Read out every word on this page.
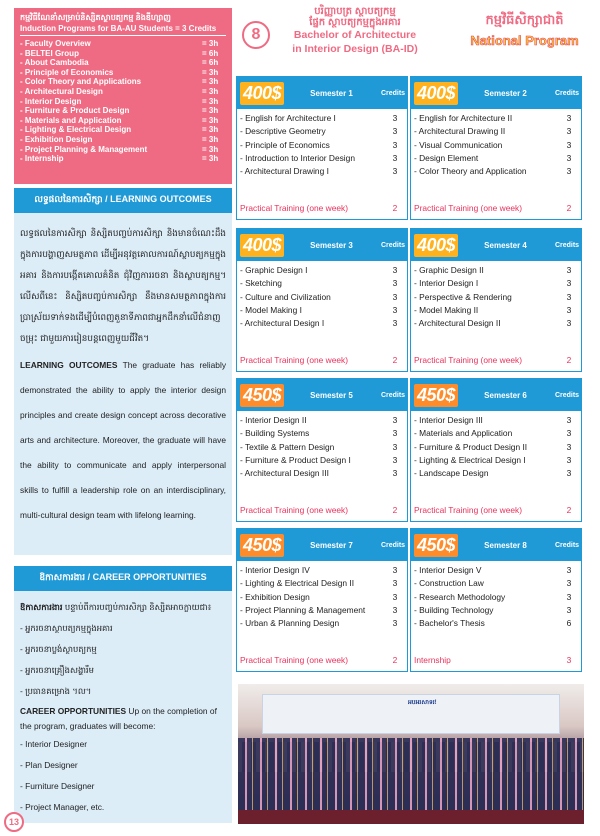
កម្មវិធីណែនាំសម្រាប់និស្សិតស្ថាបត្យកម្ម និងឌីហ្សាញ
Induction Programs for BA-AU Students = 3 Credits
- Faculty Overview	= 3h
- BELTEI Group	= 6h
- About Cambodia	= 6h
- Principle of Economics	= 3h
- Color Theory and Applications	= 3h
- Architectural Design	= 3h
- Interior Design	= 3h
- Furniture & Product Design	= 3h
- Materials and Application	= 3h
- Lighting & Electrical Design	= 3h
- Exhibition Design	= 3h
- Project Planning & Management	= 3h
- Internship	= 3h
8
បរិញ្ញាបត្រ ស្ថាបត្យកម្ម
ផ្នែក ស្ថាបត្យកម្មក្នុងអគារ
Bachelor of Architecture
in Interior Design (BA-ID)
កម្មវិធីសិក្សាជាតិ
National Program
លទ្ធផលនៃការសិក្សា / LEARNING OUTCOMES
លទ្ធផលនៃការសិក្សា និស្សិតបញ្ចប់ការសិក្សា និងមានចំណេះដឹងក្នុងការបង្ហាញសមត្ថភាព ដើម្បីអនុវត្តគោលការណ៍ស្ថាបត្យកម្មក្នុងអគារ និងការបង្កើតគោលគំនិត ជុំវិញការរចនា និងស្ថាបត្យកម្ម។ លើសពីនេះ និស្សិតបញ្ចប់ការសិក្សា នឹងមានសមត្ថភាពក្នុងការប្រាស្រ័យទាក់ទងដើម្បីបំពេញតួនាទីភាពជាអ្នកដឹកនាំលើជំនាញចម្រុះ ជាមួយការរៀនបន្តពេញមួយជីវិត។
LEARNING OUTCOMES The graduate has reliably demonstrated the ability to apply the interior design principles and create design concept across decorative arts and architecture. Moreover, the graduate will have the ability to communicate and apply interpersonal skills to fulfill a leadership role on an interdisciplinary, multi-cultural design team with lifelong learning.
ឱកាសការងារ / CAREER OPPORTUNITIES
ឱកាសការងារ បន្ទាប់ពីការបញ្ចប់ការសិក្សា និស្សិតអាចក្លាយជា៖
- អ្នករចនាស្ថាបត្យកម្មក្នុងអគារ
- អ្នករចនាប្លង់ស្ថាបត្យកម្ម
- អ្នករចនាគ្រឿងសង្ហារឹម
- ប្រធានគម្រោង ។ល។
CAREER OPPORTUNITIES Up on the completion of the program, graduates will become:
- Interior Designer
- Plan Designer
- Furniture Designer
- Project Manager, etc.
13
400$	Semester 1	Credits
- English for Architecture I	3
- Descriptive Geometry	3
- Principle of Economics	3
- Introduction to Interior Design	3
- Architectural Drawing I	3
Practical Training (one week)	2
400$	Semester 2	Credits
- English for Architecture II	3
- Architectural Drawing II	3
- Visual Communication	3
- Design Element	3
- Color Theory and Application	3
Practical Training (one week)	2
400$	Semester 3	Credits
- Graphic Design I	3
- Sketching	3
- Culture and Civilization	3
- Model Making I	3
- Architectural Design I	3
Practical Training (one week)	2
400$	Semester 4	Credits
- Graphic Design II	3
- Interior Design I	3
- Perspective & Rendering	3
- Model Making II	3
- Architectural Design II	3
Practical Training (one week)	2
450$	Semester 5	Credits
- Interior Design II	3
- Building Systems	3
- Textile & Pattern Design	3
- Furniture & Product Design I	3
- Architectural Design III	3
Practical Training (one week)	2
450$	Semester 6	Credits
- Interior Design III	3
- Materials and Application	3
- Furniture & Product Design II	3
- Lighting & Electrical Design I	3
- Landscape Design	3
Practical Training (one week)	2
450$	Semester 7	Credits
- Interior Design IV	3
- Lighting & Electrical Design II	3
- Exhibition Design	3
- Project Planning & Management	3
- Urban & Planning Design	3
Practical Training (one week)	2
450$	Semester 8	Credits
- Interior Design V	3
- Construction Law	3
- Research Methodology	3
- Building Technology	3
- Bachelor's Thesis	6
Internship	3
អបអរសាទរ!
